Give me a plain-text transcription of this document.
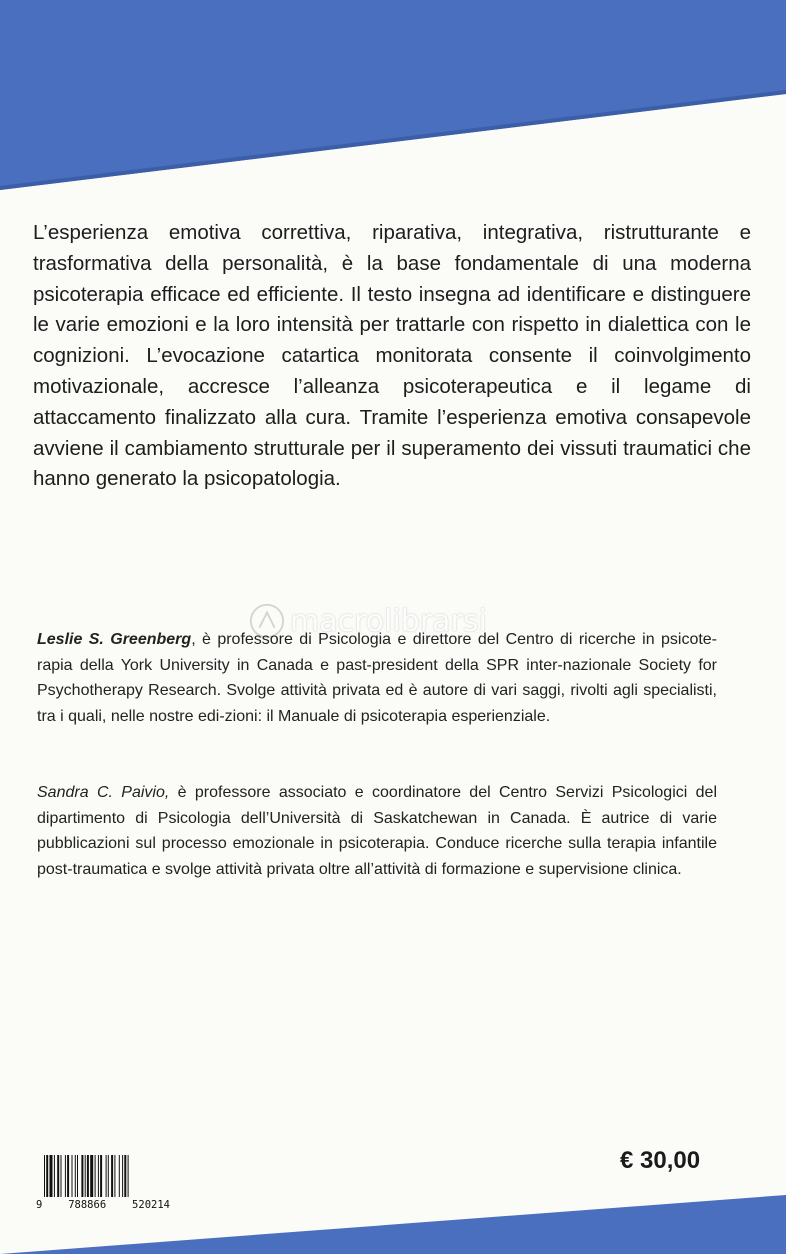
L’esperienza emotiva correttiva, riparativa, integrativa, ristrutturante e trasformativa della personalità, è la base fondamentale di una moderna psicoterapia efficace ed efficiente. Il testo insegna ad identificare e distinguere le varie emozioni e la loro intensità per trattarle con rispetto in dialettica con le cognizioni. L’evocazione catartica monitorata consente il coinvolgimento motivazionale, accresce l’alleanza psicoterapeutica e il legame di attaccamento finalizzato alla cura. Tramite l’esperienza emotiva consapevole avviene il cambiamento strutturale per il superamento dei vissuti traumatici che hanno generato la psicopatologia.

macrolibrarsi

Leslie S. Greenberg, è professore di Psicologia e direttore del Centro di ricerche in psicote-rapia della York University in Canada e past-president della SPR inter-nazionale Society for Psychotherapy Research. Svolge attività privata ed è autore di vari saggi, rivolti agli specialisti, tra i quali, nelle nostre edi-zioni: il Manuale di psicoterapia esperienziale.

Sandra C. Paivio, è professore associato e coordinatore del Centro Servizi Psicologici del dipartimento di Psicologia dell’Università di Saskatchewan in Canada. È autrice di varie pubblicazioni sul processo emozionale in psicoterapia. Conduce ricerche sulla terapia infantile post-traumatica e svolge attività privata oltre all’attività di formazione e supervisione clinica.

9 788866 520214
€ 30,00
